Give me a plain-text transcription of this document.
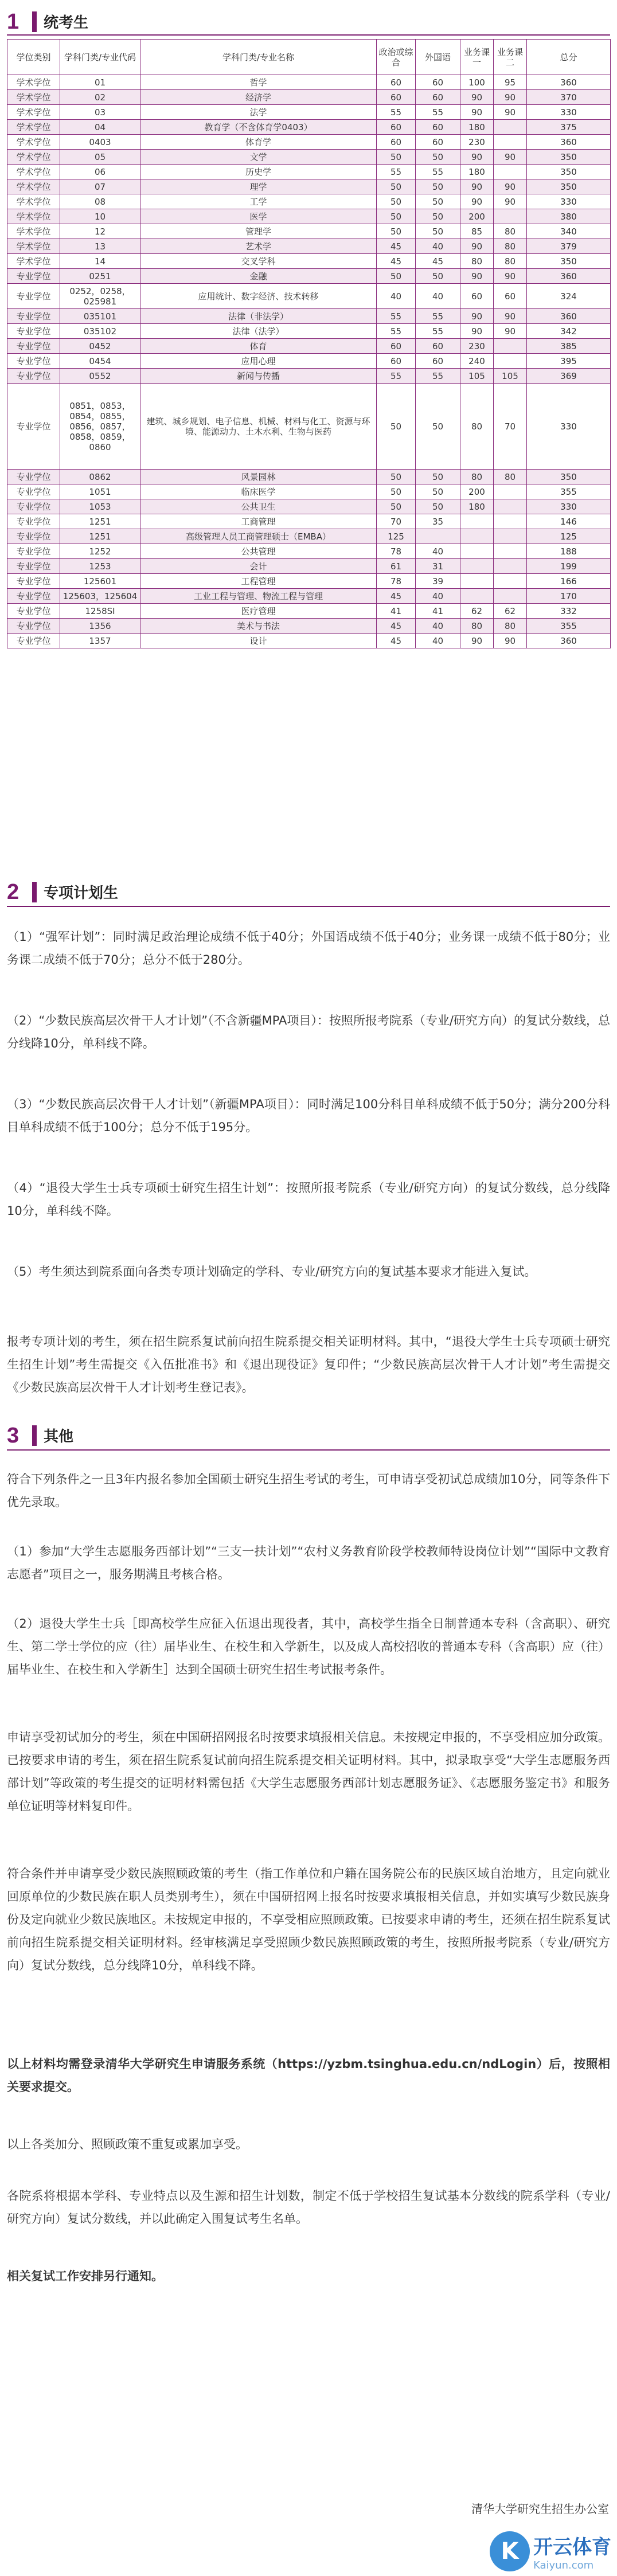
1	统考生
学位类别	学科门类/专业代码	学科门类/专业名称	政治或综合	外国语	业务课一	业务课二	总分
学术学位	01	哲学	60	60	100	95	360
学术学位	02	经济学	60	60	90	90	370
学术学位	03	法学	55	55	90	90	330
学术学位	04	教育学（不含体育学0403）	60	60	180		375
学术学位	0403	体育学	60	60	230		360
学术学位	05	文学	50	50	90	90	350
学术学位	06	历史学	55	55	180		350
学术学位	07	理学	50	50	90	90	350
学术学位	08	工学	50	50	90	90	330
学术学位	10	医学	50	50	200		380
学术学位	12	管理学	50	50	85	80	340
学术学位	13	艺术学	45	40	90	80	379
学术学位	14	交叉学科	45	45	80	80	350
专业学位	0251	金融	50	50	90	90	360
专业学位	0252，0258，025981	应用统计、数字经济、技术转移	40	40	60	60	324
专业学位	035101	法律（非法学）	55	55	90	90	360
专业学位	035102	法律（法学）	55	55	90	90	342
专业学位	0452	体育	60	60	230		385
专业学位	0454	应用心理	60	60	240		395
专业学位	0552	新闻与传播	55	55	105	105	369
专业学位	0851，0853，0854，0855，0856，0857，0858，0859，0860	建筑、城乡规划、电子信息、机械、材料与化工、资源与环境、能源动力、土木水利、生物与医药	50	50	80	70	330
专业学位	0862	风景园林	50	50	80	80	350
专业学位	1051	临床医学	50	50	200		355
专业学位	1053	公共卫生	50	50	180		330
专业学位	1251	工商管理	70	35			146
专业学位	1251	高级管理人员工商管理硕士（EMBA）	125				125
专业学位	1252	公共管理	78	40			188
专业学位	1253	会计	61	31			199
专业学位	125601	工程管理	78	39			166
专业学位	125603，125604	工业工程与管理、物流工程与管理	45	40			170
专业学位	1258SI	医疗管理	41	41	62	62	332
专业学位	1356	美术与书法	45	40	80	80	355
专业学位	1357	设计	45	40	90	90	360
2	专项计划生
（1）“强军计划”：同时满足政治理论成绩不低于40分；外国语成绩不低于40分；业务课一成绩不低于80分；业务课二成绩不低于70分；总分不低于280分。
（2）“少数民族高层次骨干人才计划”（不含新疆MPA项目）：按照所报考院系（专业/研究方向）的复试分数线，总分线降10分，单科线不降。
（3）“少数民族高层次骨干人才计划”（新疆MPA项目）：同时满足100分科目单科成绩不低于50分；满分200分科目单科成绩不低于100分；总分不低于195分。
（4）“退役大学生士兵专项硕士研究生招生计划”：按照所报考院系（专业/研究方向）的复试分数线，总分线降10分，单科线不降。
（5）考生须达到院系面向各类专项计划确定的学科、专业/研究方向的复试基本要求才能进入复试。
报考专项计划的考生，须在招生院系复试前向招生院系提交相关证明材料。其中，“退役大学生士兵专项硕士研究生招生计划”考生需提交《入伍批准书》和《退出现役证》复印件；“少数民族高层次骨干人才计划”考生需提交《少数民族高层次骨干人才计划考生登记表》。
3	其他
符合下列条件之一且3年内报名参加全国硕士研究生招生考试的考生，可申请享受初试总成绩加10分，同等条件下优先录取。
（1）参加“大学生志愿服务西部计划”“三支一扶计划”“农村义务教育阶段学校教师特设岗位计划”“国际中文教育志愿者”项目之一，服务期满且考核合格。
（2）退役大学生士兵［即高校学生应征入伍退出现役者，其中，高校学生指全日制普通本专科（含高职）、研究生、第二学士学位的应（往）届毕业生、在校生和入学新生，以及成人高校招收的普通本专科（含高职）应（往）届毕业生、在校生和入学新生］达到全国硕士研究生招生考试报考条件。
申请享受初试加分的考生，须在中国研招网报名时按要求填报相关信息。未按规定申报的，不享受相应加分政策。已按要求申请的考生，须在招生院系复试前向招生院系提交相关证明材料。其中，拟录取享受“大学生志愿服务西部计划”等政策的考生提交的证明材料需包括《大学生志愿服务西部计划志愿服务证》、《志愿服务鉴定书》和服务单位证明等材料复印件。
符合条件并申请享受少数民族照顾政策的考生（指工作单位和户籍在国务院公布的民族区域自治地方，且定向就业回原单位的少数民族在职人员类别考生），须在中国研招网上报名时按要求填报相关信息，并如实填写少数民族身份及定向就业少数民族地区。未按规定申报的，不享受相应照顾政策。已按要求申请的考生，还须在招生院系复试前向招生院系提交相关证明材料。经审核满足享受照顾少数民族照顾政策的考生，按照所报考院系（专业/研究方向）复试分数线，总分线降10分，单科线不降。
以上材料均需登录清华大学研究生申请服务系统（https://yzbm.tsinghua.edu.cn/ndLogin）后，按照相关要求提交。
以上各类加分、照顾政策不重复或累加享受。
各院系将根据本学科、专业特点以及生源和招生计划数，制定不低于学校招生复试基本分数线的院系学科（专业/研究方向）复试分数线，并以此确定入围复试考生名单。
相关复试工作安排另行通知。
清华大学研究生招生办公室
K 开云体育
Kaiyun.com
